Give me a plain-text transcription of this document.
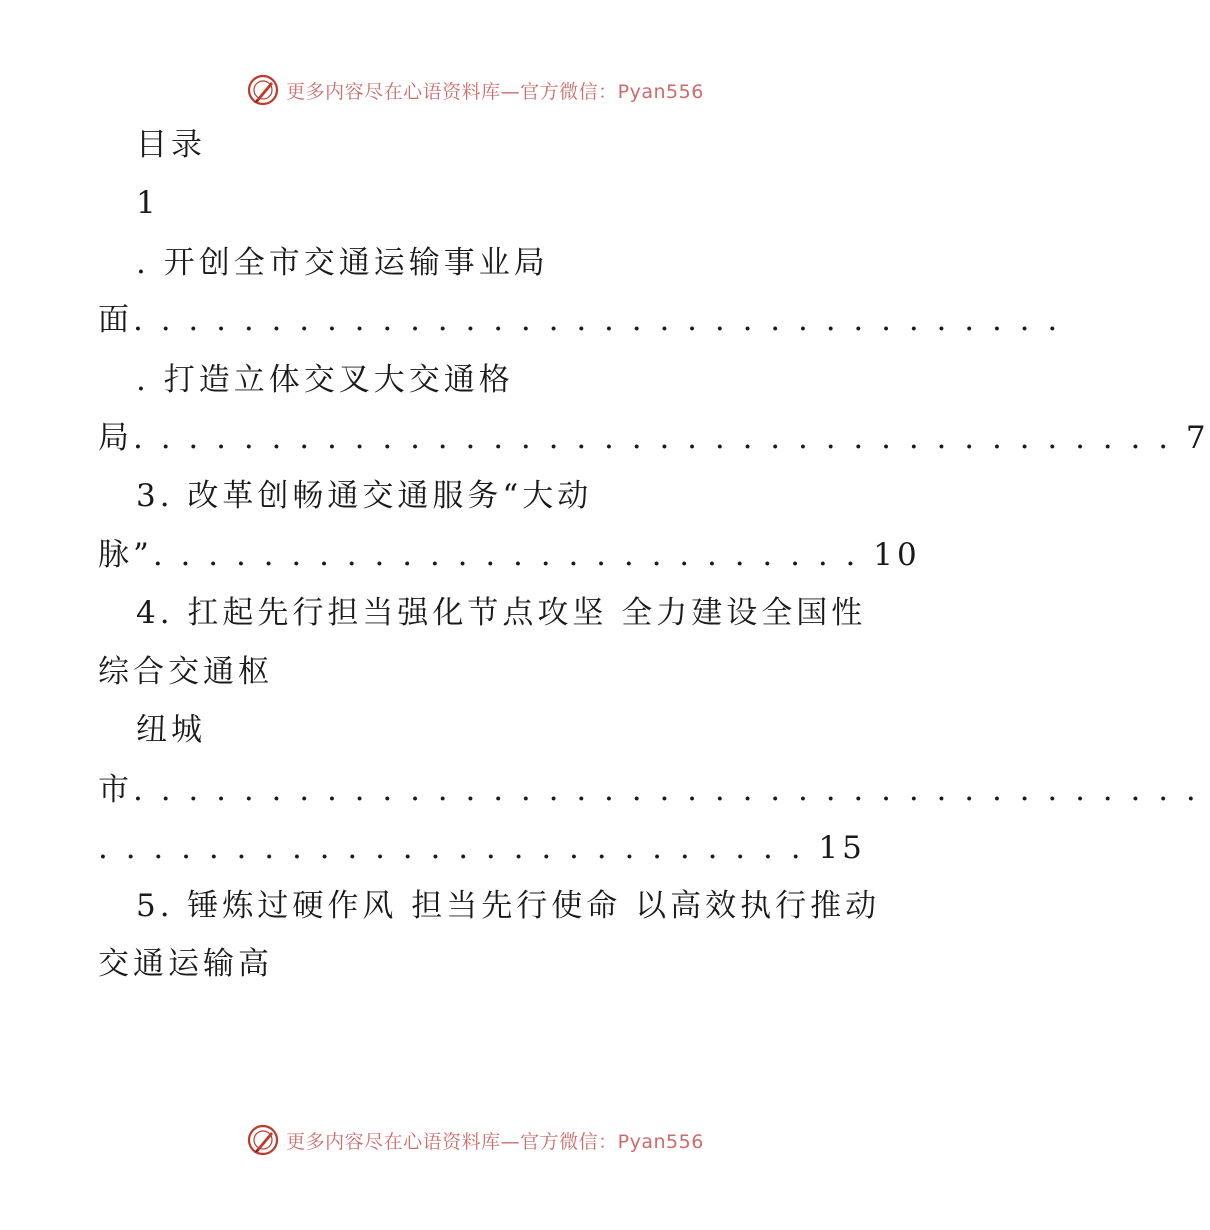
更多内容尽在心语资料库—官方微信：Pyan556
目录
1
. 开创全市交通运输事业局
面. . . . . . . . . . . . . . . . . . . . . . . . . . . . . . . . . .
. 打造立体交叉大交通格
局. . . . . . . . . . . . . . . . . . . . . . . . . . . . . . . . . . . . . . 7
3. 改革创畅通交通服务“大动
脉”. . . . . . . . . . . . . . . . . . . . . . . . . . 10
4. 扛起先行担当强化节点攻坚 全力建设全国性
综合交通枢
纽城
市. . . . . . . . . . . . . . . . . . . . . . . . . . . . . . . . . . . . . . .
. . . . . . . . . . . . . . . . . . . . . . . . . . 15
5. 锤炼过硬作风 担当先行使命 以高效执行推动
交通运输高
更多内容尽在心语资料库—官方微信：Pyan556
